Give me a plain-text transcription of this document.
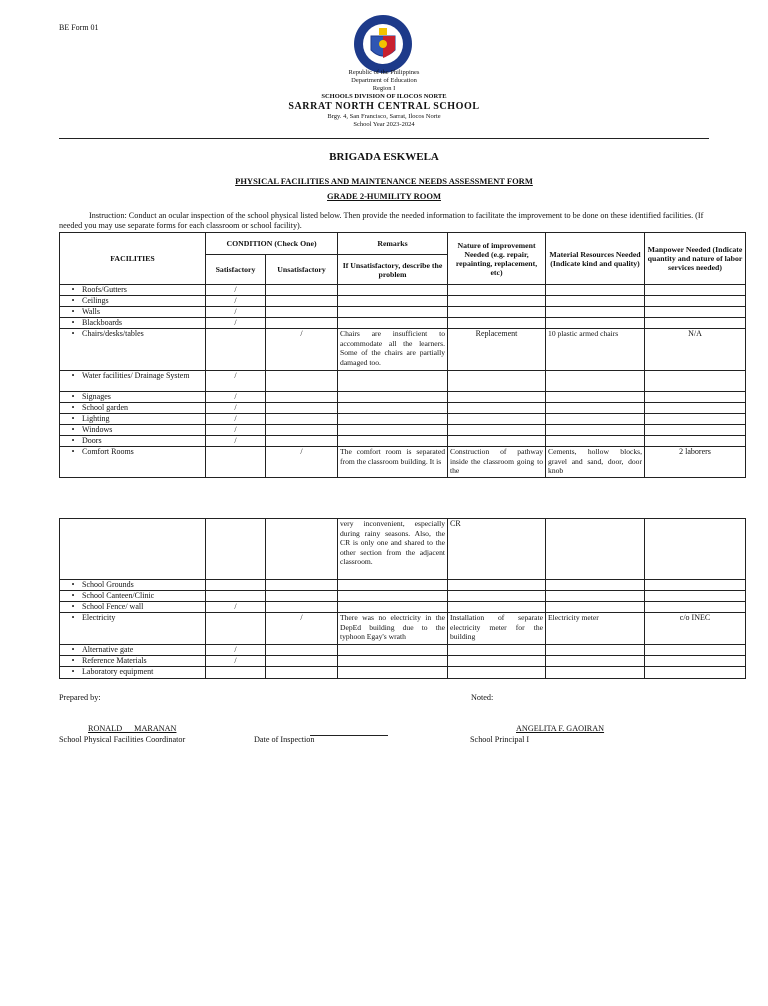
BE Form 01
Republic of the Philippines
Department of Education
Region I
SCHOOLS DIVISION OF ILOCOS NORTE
SARRAT NORTH CENTRAL SCHOOL
Brgy. 4, San Francisco, Sarrat, Ilocos Norte
School Year 2023-2024
BRIGADA ESKWELA
PHYSICAL FACILITIES AND MAINTENANCE NEEDS ASSESSMENT FORM
GRADE 2-HUMILITY ROOM
Instruction: Conduct an ocular inspection of the school physical listed below. Then provide the needed information to facilitate the improvement to be done on these identified facilities. (If needed you may use separate forms for each classroom or school facility).
FACILITIES	CONDITION (Check One)		Remarks	Nature of improvement Needed (e.g. repair, repainting, replacement, etc)	Material Resources Needed (Indicate kind and quality)	Manpower Needed (Indicate quantity and nature of labor services needed)
	Satisfactory	Unsatisfactory	If Unsatisfactory, describe the problem			
• Roofs/Gutters	/					
• Ceilings	/					
• Walls	/					
• Blackboards	/					
• Chairs/desks/tables		/	Chairs are insufficient to accommodate all the learners. Some of the chairs are partially damaged too.	Replacement	10 plastic armed chairs	N/A
• Water facilities/ Drainage System	/					
• Signages	/					
• School garden	/					
• Lighting	/					
• Windows	/					
• Doors	/					
• Comfort Rooms		/	The comfort room is separated from the classroom building. It is	Construction of pathway inside the classroom going to the	Cements, hollow blocks, gravel and sand, door, door knob	2 laborers
			very inconvenient, especially during rainy seasons. Also, the CR is only one and shared to the other section from the adjacent classroom.	CR		
• School Grounds						
• School Canteen/Clinic						
• School Fence/ wall	/					
• Electricity		/	There was no electricity in the DepEd building due to the typhoon Egay's wrath	Installation of separate electricity meter for the building	Electricity meter	c/o INEC
• Alternative gate	/					
• Reference Materials	/					
• Laboratory equipment						
Prepared by:	Noted:
RONALD MARANAN
School Physical Facilities Coordinator	Date of Inspection
ANGELITA F. GAOIRAN
School Principal I
